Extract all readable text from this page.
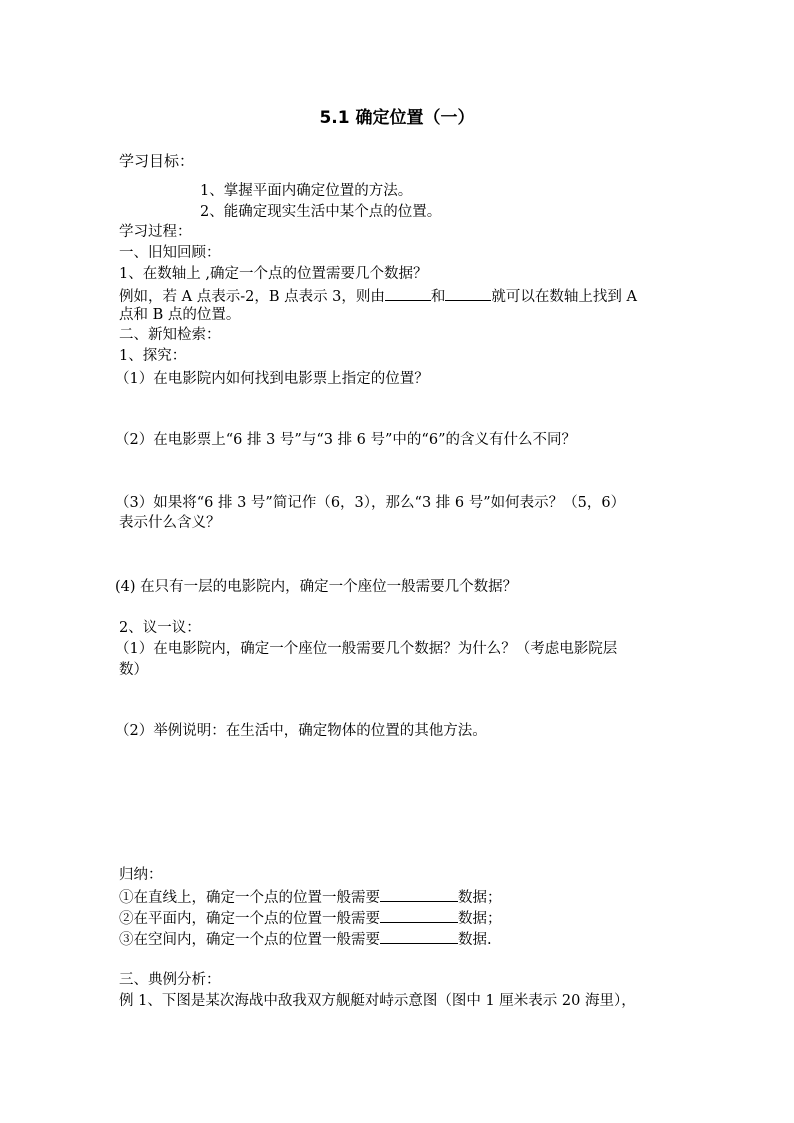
5.1 确定位置（一）
学习目标：
1、掌握平面内确定位置的方法。
2、能确定现实生活中某个点的位置。
学习过程：
一、旧知回顾：
1、在数轴上 ,确定一个点的位置需要几个数据？
例如，若 A 点表示-2，B 点表示 3，则由	和	就可以在数轴上找到 A
点和 B 点的位置。
二、新知检索：
1、探究：
（1）在电影院内如何找到电影票上指定的位置？
（2）在电影票上“6 排 3 号”与“3 排 6 号”中的“6”的含义有什么不同？
（3）如果将“6 排 3 号”简记作（6，3），那么“3 排 6 号”如何表示？（5，6）
表示什么含义？
(4) 在只有一层的电影院内，确定一个座位一般需要几个数据？
2、议一议：
（1）在电影院内，确定一个座位一般需要几个数据？为什么？（考虑电影院层
数）
（2）举例说明：在生活中，确定物体的位置的其他方法。
归纳：
①在直线上，确定一个点的位置一般需要	数据；
②在平面内，确定一个点的位置一般需要	数据；
③在空间内，确定一个点的位置一般需要	数据.
三、典例分析：
例 1、下图是某次海战中敌我双方舰艇对峙示意图（图中 1 厘米表示 20 海里），
